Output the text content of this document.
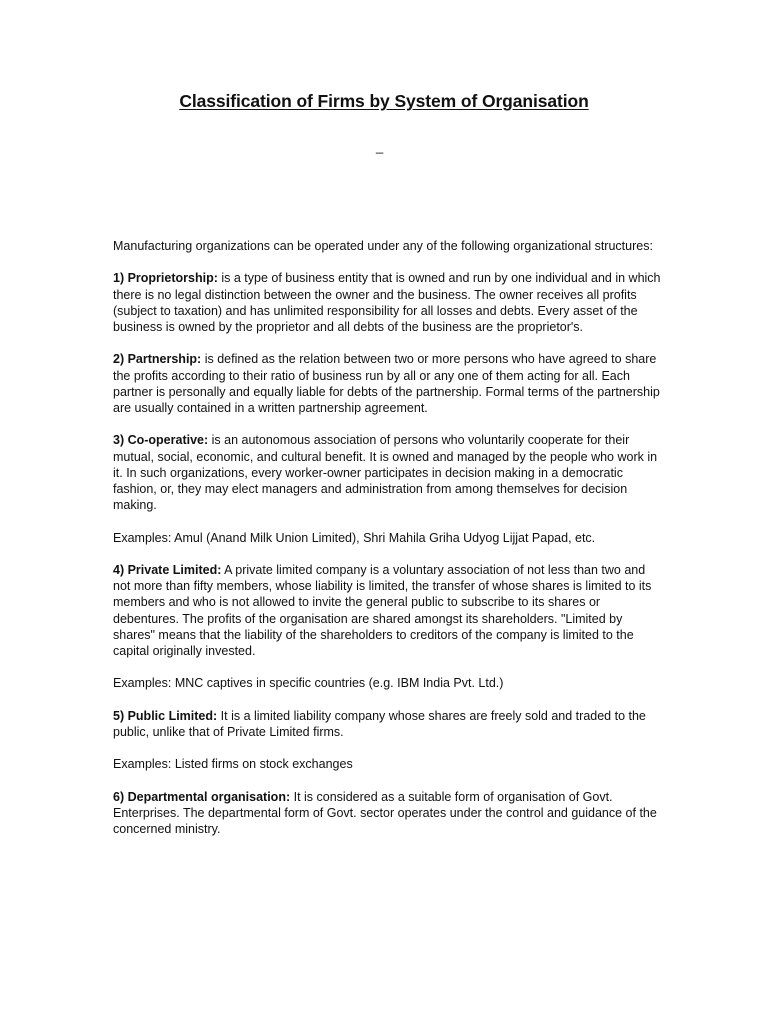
Classification of Firms by System of Organisation
_

Manufacturing organizations can be operated under any of the following organizational structures:

1) Proprietorship: is a type of business entity that is owned and run by one individual and in which there is no legal distinction between the owner and the business. The owner receives all profits (subject to taxation) and has unlimited responsibility for all losses and debts. Every asset of the business is owned by the proprietor and all debts of the business are the proprietor's.

2) Partnership: is defined as the relation between two or more persons who have agreed to share the profits according to their ratio of business run by all or any one of them acting for all. Each partner is personally and equally liable for debts of the partnership. Formal terms of the partnership are usually contained in a written partnership agreement.

3) Co-operative: is an autonomous association of persons who voluntarily cooperate for their mutual, social, economic, and cultural benefit. It is owned and managed by the people who work in it. In such organizations, every worker-owner participates in decision making in a democratic fashion, or, they may elect managers and administration from among themselves for decision making.

Examples: Amul (Anand Milk Union Limited), Shri Mahila Griha Udyog Lijjat Papad, etc.

4) Private Limited: A private limited company is a voluntary association of not less than two and not more than fifty members, whose liability is limited, the transfer of whose shares is limited to its members and who is not allowed to invite the general public to subscribe to its shares or debentures. The profits of the organisation are shared amongst its shareholders. "Limited by shares" means that the liability of the shareholders to creditors of the company is limited to the capital originally invested.

Examples: MNC captives in specific countries (e.g. IBM India Pvt. Ltd.)

5) Public Limited: It is a limited liability company whose shares are freely sold and traded to the public, unlike that of Private Limited firms.

Examples: Listed firms on stock exchanges

6) Departmental organisation: It is considered as a suitable form of organisation of Govt. Enterprises. The departmental form of Govt. sector operates under the control and guidance of the concerned ministry.
